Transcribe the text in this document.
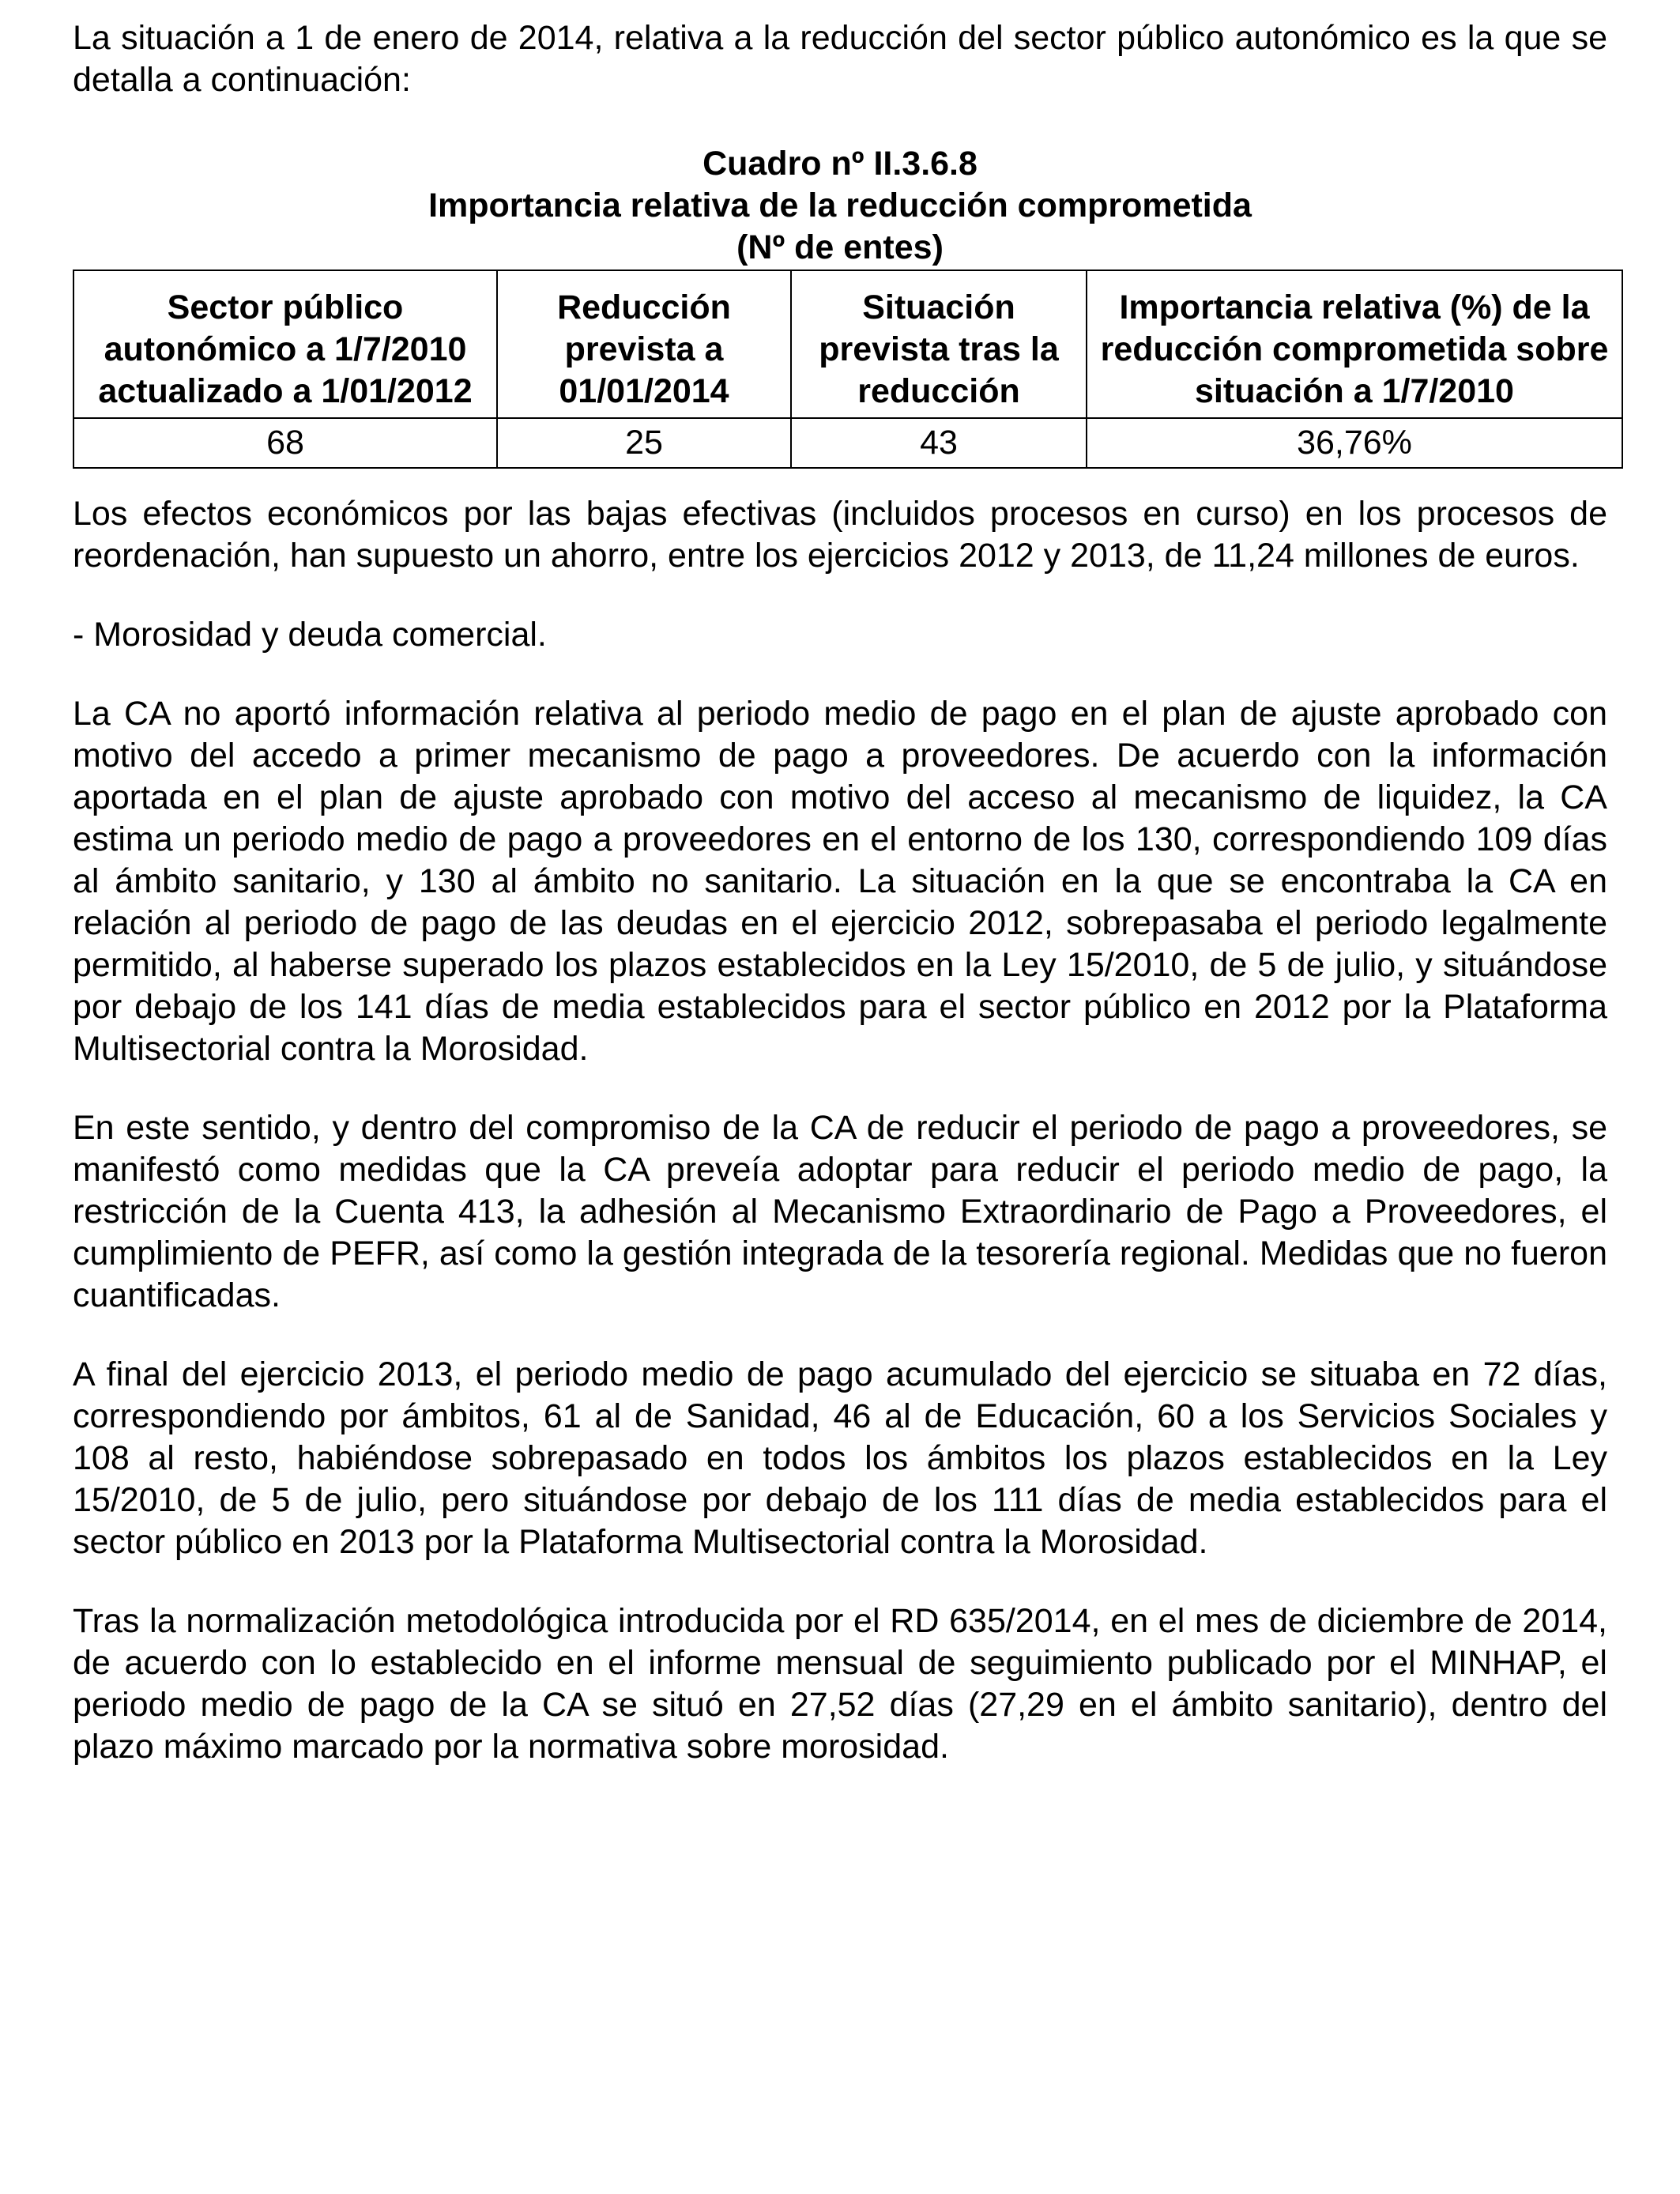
La situación a 1 de enero de 2014, relativa a la reducción del sector público autonómico es la que se detalla a continuación:

Cuadro nº II.3.6.8

Importancia relativa de la reducción comprometida

(Nº de entes)

Sector público autonómico a 1/7/2010 actualizado a 1/01/2012	Reducción prevista a 01/01/2014	Situación prevista tras la reducción	Importancia relativa (%) de la reducción comprometida sobre situación a 1/7/2010
68	25	43	36,76%

Los efectos económicos por las bajas efectivas (incluidos procesos en curso) en los procesos de reordenación, han supuesto un ahorro, entre los ejercicios 2012 y 2013, de 11,24 millones de euros.

- Morosidad y deuda comercial.

La CA no aportó información relativa al periodo medio de pago en el plan de ajuste aprobado con motivo del accedo a primer mecanismo de pago a proveedores. De acuerdo con la información aportada en el plan de ajuste aprobado con motivo del acceso al mecanismo de liquidez, la CA estima un periodo medio de pago a proveedores en el entorno de los 130, correspondiendo 109 días al ámbito sanitario, y 130 al ámbito no sanitario. La situación en la que se encontraba la CA en relación al periodo de pago de las deudas en el ejercicio 2012, sobrepasaba el periodo legalmente permitido, al haberse superado los plazos establecidos en la Ley 15/2010, de 5 de julio, y situándose por debajo de los 141 días de media establecidos para el sector público en 2012 por la Plataforma Multisectorial contra la Morosidad.

En este sentido, y dentro del compromiso de la CA de reducir el periodo de pago a proveedores, se manifestó como medidas que la CA preveía adoptar para reducir el periodo medio de pago, la restricción de la Cuenta 413, la adhesión al Mecanismo Extraordinario de Pago a Proveedores, el cumplimiento de PEFR, así como la gestión integrada de la tesorería regional. Medidas que no fueron cuantificadas.

A final del ejercicio 2013, el periodo medio de pago acumulado del ejercicio se situaba en 72 días, correspondiendo por ámbitos, 61 al de Sanidad, 46 al de Educación, 60 a los Servicios Sociales y 108 al resto, habiéndose sobrepasado en todos los ámbitos los plazos establecidos en la Ley 15/2010, de 5 de julio, pero situándose por debajo de los 111 días de media establecidos para el sector público en 2013 por la Plataforma Multisectorial contra la Morosidad.

Tras la normalización metodológica introducida por el RD 635/2014, en el mes de diciembre de 2014, de acuerdo con lo establecido en el informe mensual de seguimiento publicado por el MINHAP, el periodo medio de pago de la CA se situó en 27,52 días (27,29 en el ámbito sanitario), dentro del plazo máximo marcado por la normativa sobre morosidad.
